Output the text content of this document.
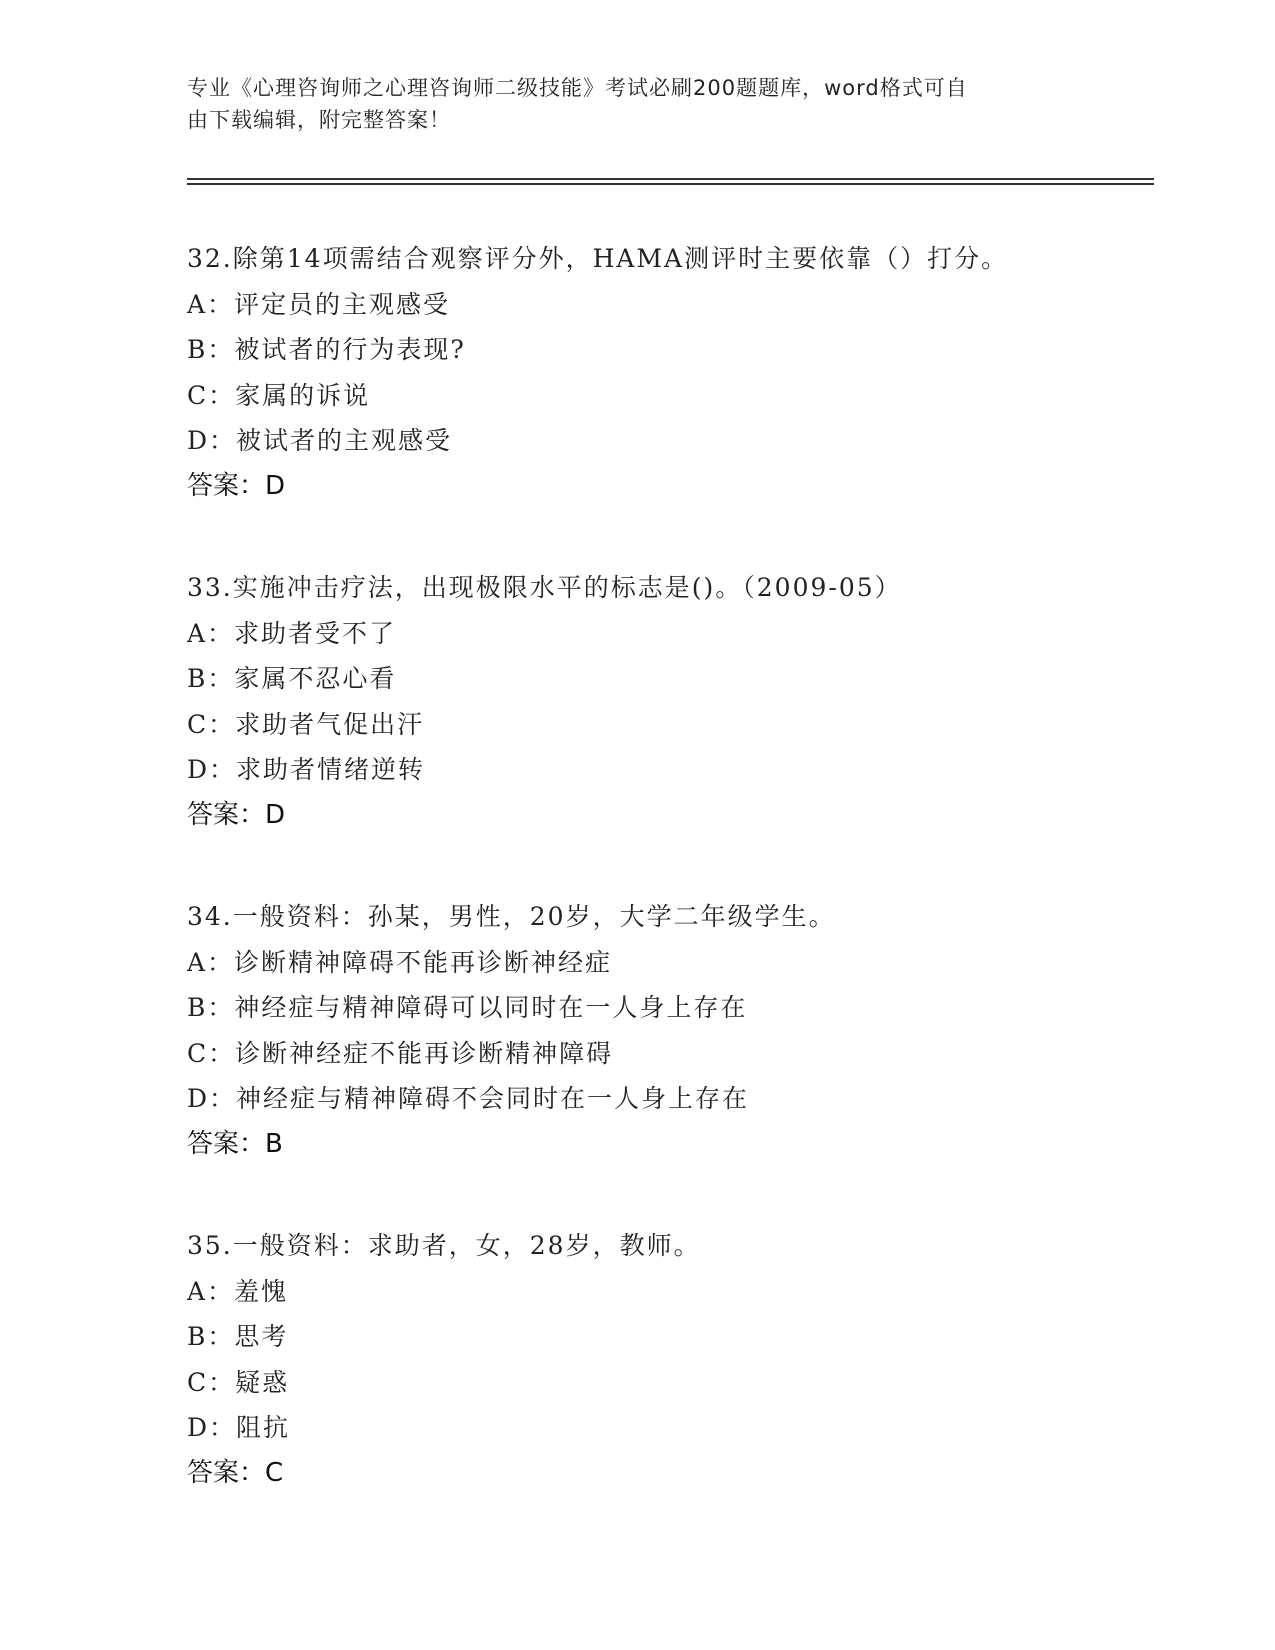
专业《心理咨询师之心理咨询师二级技能》考试必刷200题题库，word格式可自

由下载编辑，附完整答案！

32.除第14项需结合观察评分外，HAMA测评时主要依靠（）打分。
A：评定员的主观感受
B：被试者的行为表现?
C：家属的诉说
D：被试者的主观感受
答案：D
33.实施冲击疗法，出现极限水平的标志是()。（2009-05）
A：求助者受不了
B：家属不忍心看
C：求助者气促出汗
D：求助者情绪逆转
答案：D
34.一般资料：孙某，男性，20岁，大学二年级学生。
A：诊断精神障碍不能再诊断神经症
B：神经症与精神障碍可以同时在一人身上存在
C：诊断神经症不能再诊断精神障碍
D：神经症与精神障碍不会同时在一人身上存在
答案：B
35.一般资料：求助者，女，28岁，教师。
A：羞愧
B：思考
C：疑惑
D：阻抗
答案：C
